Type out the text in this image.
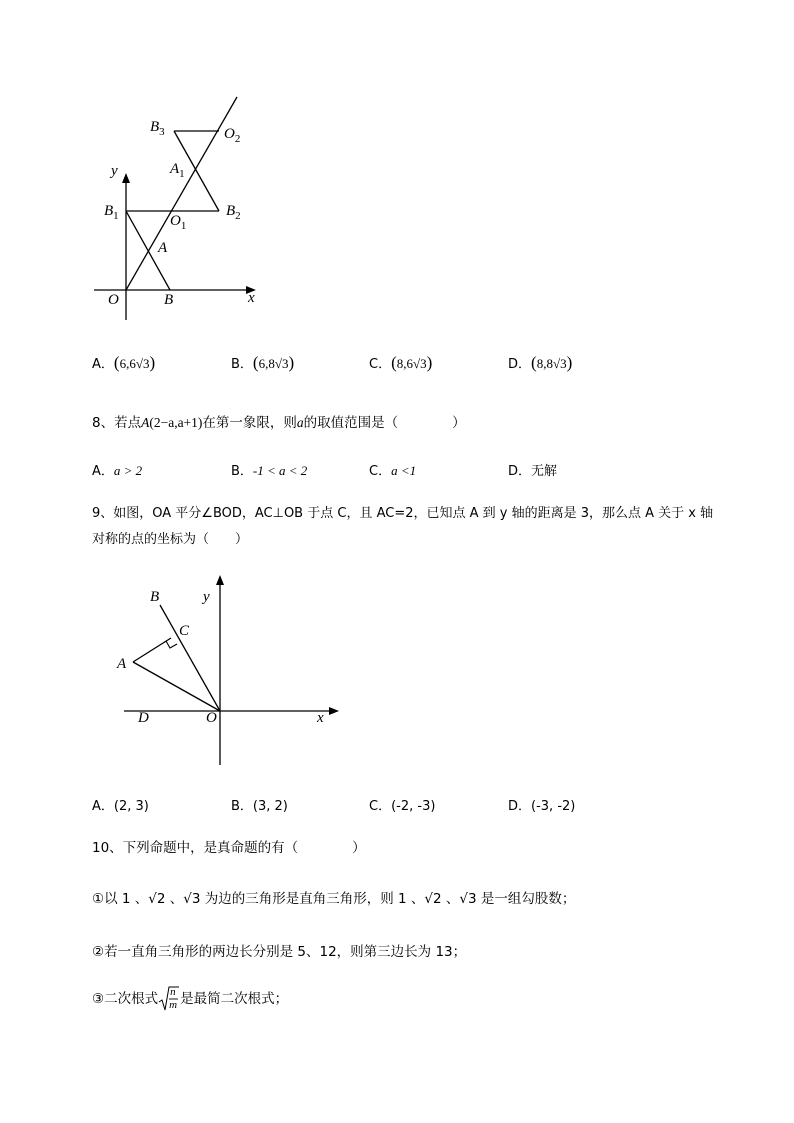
$B_3$	$O_2$
y	$A_1$
$B_1$	$B_2$
$O_1$
A
O	B	x
A．(6,6√3)	B．(6,8√3)	C．(8,6√3)	D．(8,8√3)
8、若点A(2−a,a+1)在第一象限，则a的取值范围是（　　　　）
A．a > 2	B．-1 < a < 2	C．a <1	D．无解
9、如图，OA 平分∠BOD，AC⊥OB 于点 C，且 AC=2，已知点 A 到 y 轴的距离是 3，那么点 A 关于 x 轴
对称的点的坐标为（　　）
B	y
C
A
D	O	x
A．(2, 3)	B．(3, 2)	C．(-2, -3)	D．(-3, -2)
10、下列命题中，是真命题的有（　　　　）
①以 1 、√2 、√3 为边的三角形是直角三角形，则 1 、√2 、√3 是一组勾股数；
②若一直角三角形的两边长分别是 5、12，则第三边长为 13；
③二次根式 n
m 是最简二次根式；
